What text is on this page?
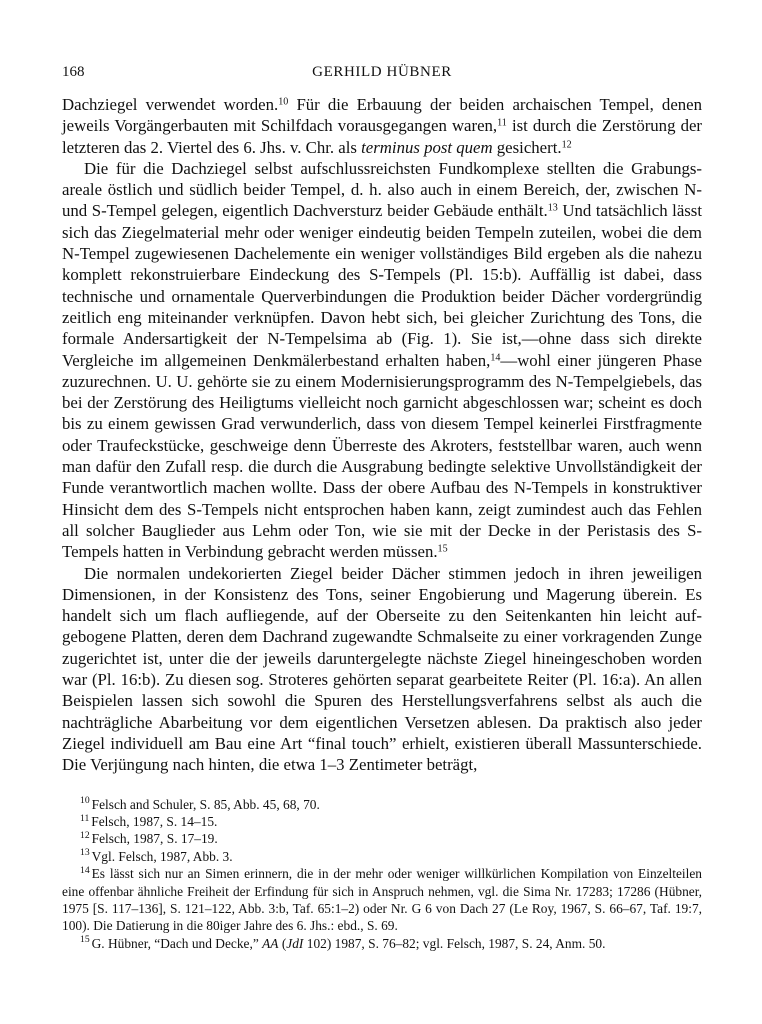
GERHILD HÜBNER
168

Dachziegel verwendet worden.$^{10}$ Für die Erbauung der beiden archaischen Tempel, denen jeweils Vorgängerbauten mit Schilfdach vorausgegangen waren,$^{11}$ ist durch die Zerstörung der letzteren das 2. Viertel des 6. Jhs. v. Chr. als terminus post quem gesichert.$^{12}$

Die für die Dachziegel selbst aufschlussreichsten Fundkomplexe stellten die Grabungsareale östlich und südlich beider Tempel, d. h. also auch in einem Bereich, der, zwischen N- und S-Tempel gelegen, eigentlich Dachversturz beider Gebäude enthält.$^{13}$ Und tatsächlich lässt sich das Ziegelmaterial mehr oder weniger eindeutig beiden Tempeln zuteilen, wobei die dem N-Tempel zugewiesenen Dachelemente ein weniger vollständiges Bild ergeben als die nahezu komplett rekonstruierbare Eindeckung des S-Tempels (Pl. 15:b). Auffällig ist dabei, dass technische und ornamentale Querverbindungen die Produktion beider Dächer vordergründig zeitlich eng miteinander verknüpfen. Davon hebt sich, bei gleicher Zurichtung des Tons, die formale Andersartigkeit der N-Tempelsima ab (Fig. 1). Sie ist,—ohne dass sich direkte Vergleiche im allgemeinen Denkmälerbestand erhalten haben,$^{14}$—wohl einer jüngeren Phase zuzurechnen. U. U. gehörte sie zu einem Modernisierungsprogramm des N-Tempelgiebels, das bei der Zerstörung des Heiligtums vielleicht noch garnicht abgeschlossen war; scheint es doch bis zu einem gewissen Grad verwunderlich, dass von diesem Tempel keinerlei Firstfragmente oder Traufeckstücke, geschweige denn Überreste des Akroters, feststellbar waren, auch wenn man dafür den Zufall resp. die durch die Ausgrabung bedingte selektive Unvollständigkeit der Funde verantwortlich machen wollte. Dass der obere Aufbau des N-Tempels in konstruktiver Hinsicht dem des S-Tempels nicht entsprochen haben kann, zeigt zumindest auch das Fehlen all solcher Bauglieder aus Lehm oder Ton, wie sie mit der Decke in der Peristasis des S-Tempels hatten in Verbindung gebracht werden müssen.$^{15}$

Die normalen undekorierten Ziegel beider Dächer stimmen jedoch in ihren jeweiligen Dimensionen, in der Konsistenz des Tons, seiner Engobierung und Magerung überein. Es handelt sich um flach aufliegende, auf der Oberseite zu den Seitenkanten hin leicht aufgebogene Platten, deren dem Dachrand zugewandte Schmalseite zu einer vorkragenden Zunge zugerichtet ist, unter die der jeweils daruntergelegte nächste Ziegel hineingeschoben worden war (Pl. 16:b). Zu diesen sog. Stroteres gehörten separat gearbeitete Reiter (Pl. 16:a). An allen Beispielen lassen sich sowohl die Spuren des Herstellungsverfahrens selbst als auch die nachträgliche Abarbeitung vor dem eigentlichen Versetzen ablesen. Da praktisch also jeder Ziegel individuell am Bau eine Art “final touch” erhielt, existieren überall Massunterschiede. Die Verjüngung nach hinten, die etwa 1–3 Zentimeter beträgt,

$^{10}$ Felsch and Schuler, S. 85, Abb. 45, 68, 70.

$^{11}$ Felsch, 1987, S. 14–15.

$^{12}$ Felsch, 1987, S. 17–19.

$^{13}$ Vgl. Felsch, 1987, Abb. 3.

$^{14}$ Es lässt sich nur an Simen erinnern, die in der mehr oder weniger willkürlichen Kompilation von Einzelteilen eine offenbar ähnliche Freiheit der Erfindung für sich in Anspruch nehmen, vgl. die Sima Nr. 17283; 17286 (Hübner, 1975 [S. 117–136], S. 121–122, Abb. 3:b, Taf. 65:1–2) oder Nr. G 6 von Dach 27 (Le Roy, 1967, S. 66–67, Taf. 19:7, 100). Die Datierung in die 80iger Jahre des 6. Jhs.: ebd., S. 69.

$^{15}$ G. Hübner, “Dach und Decke,” AA (JdI 102) 1987, S. 76–82; vgl. Felsch, 1987, S. 24, Anm. 50.
